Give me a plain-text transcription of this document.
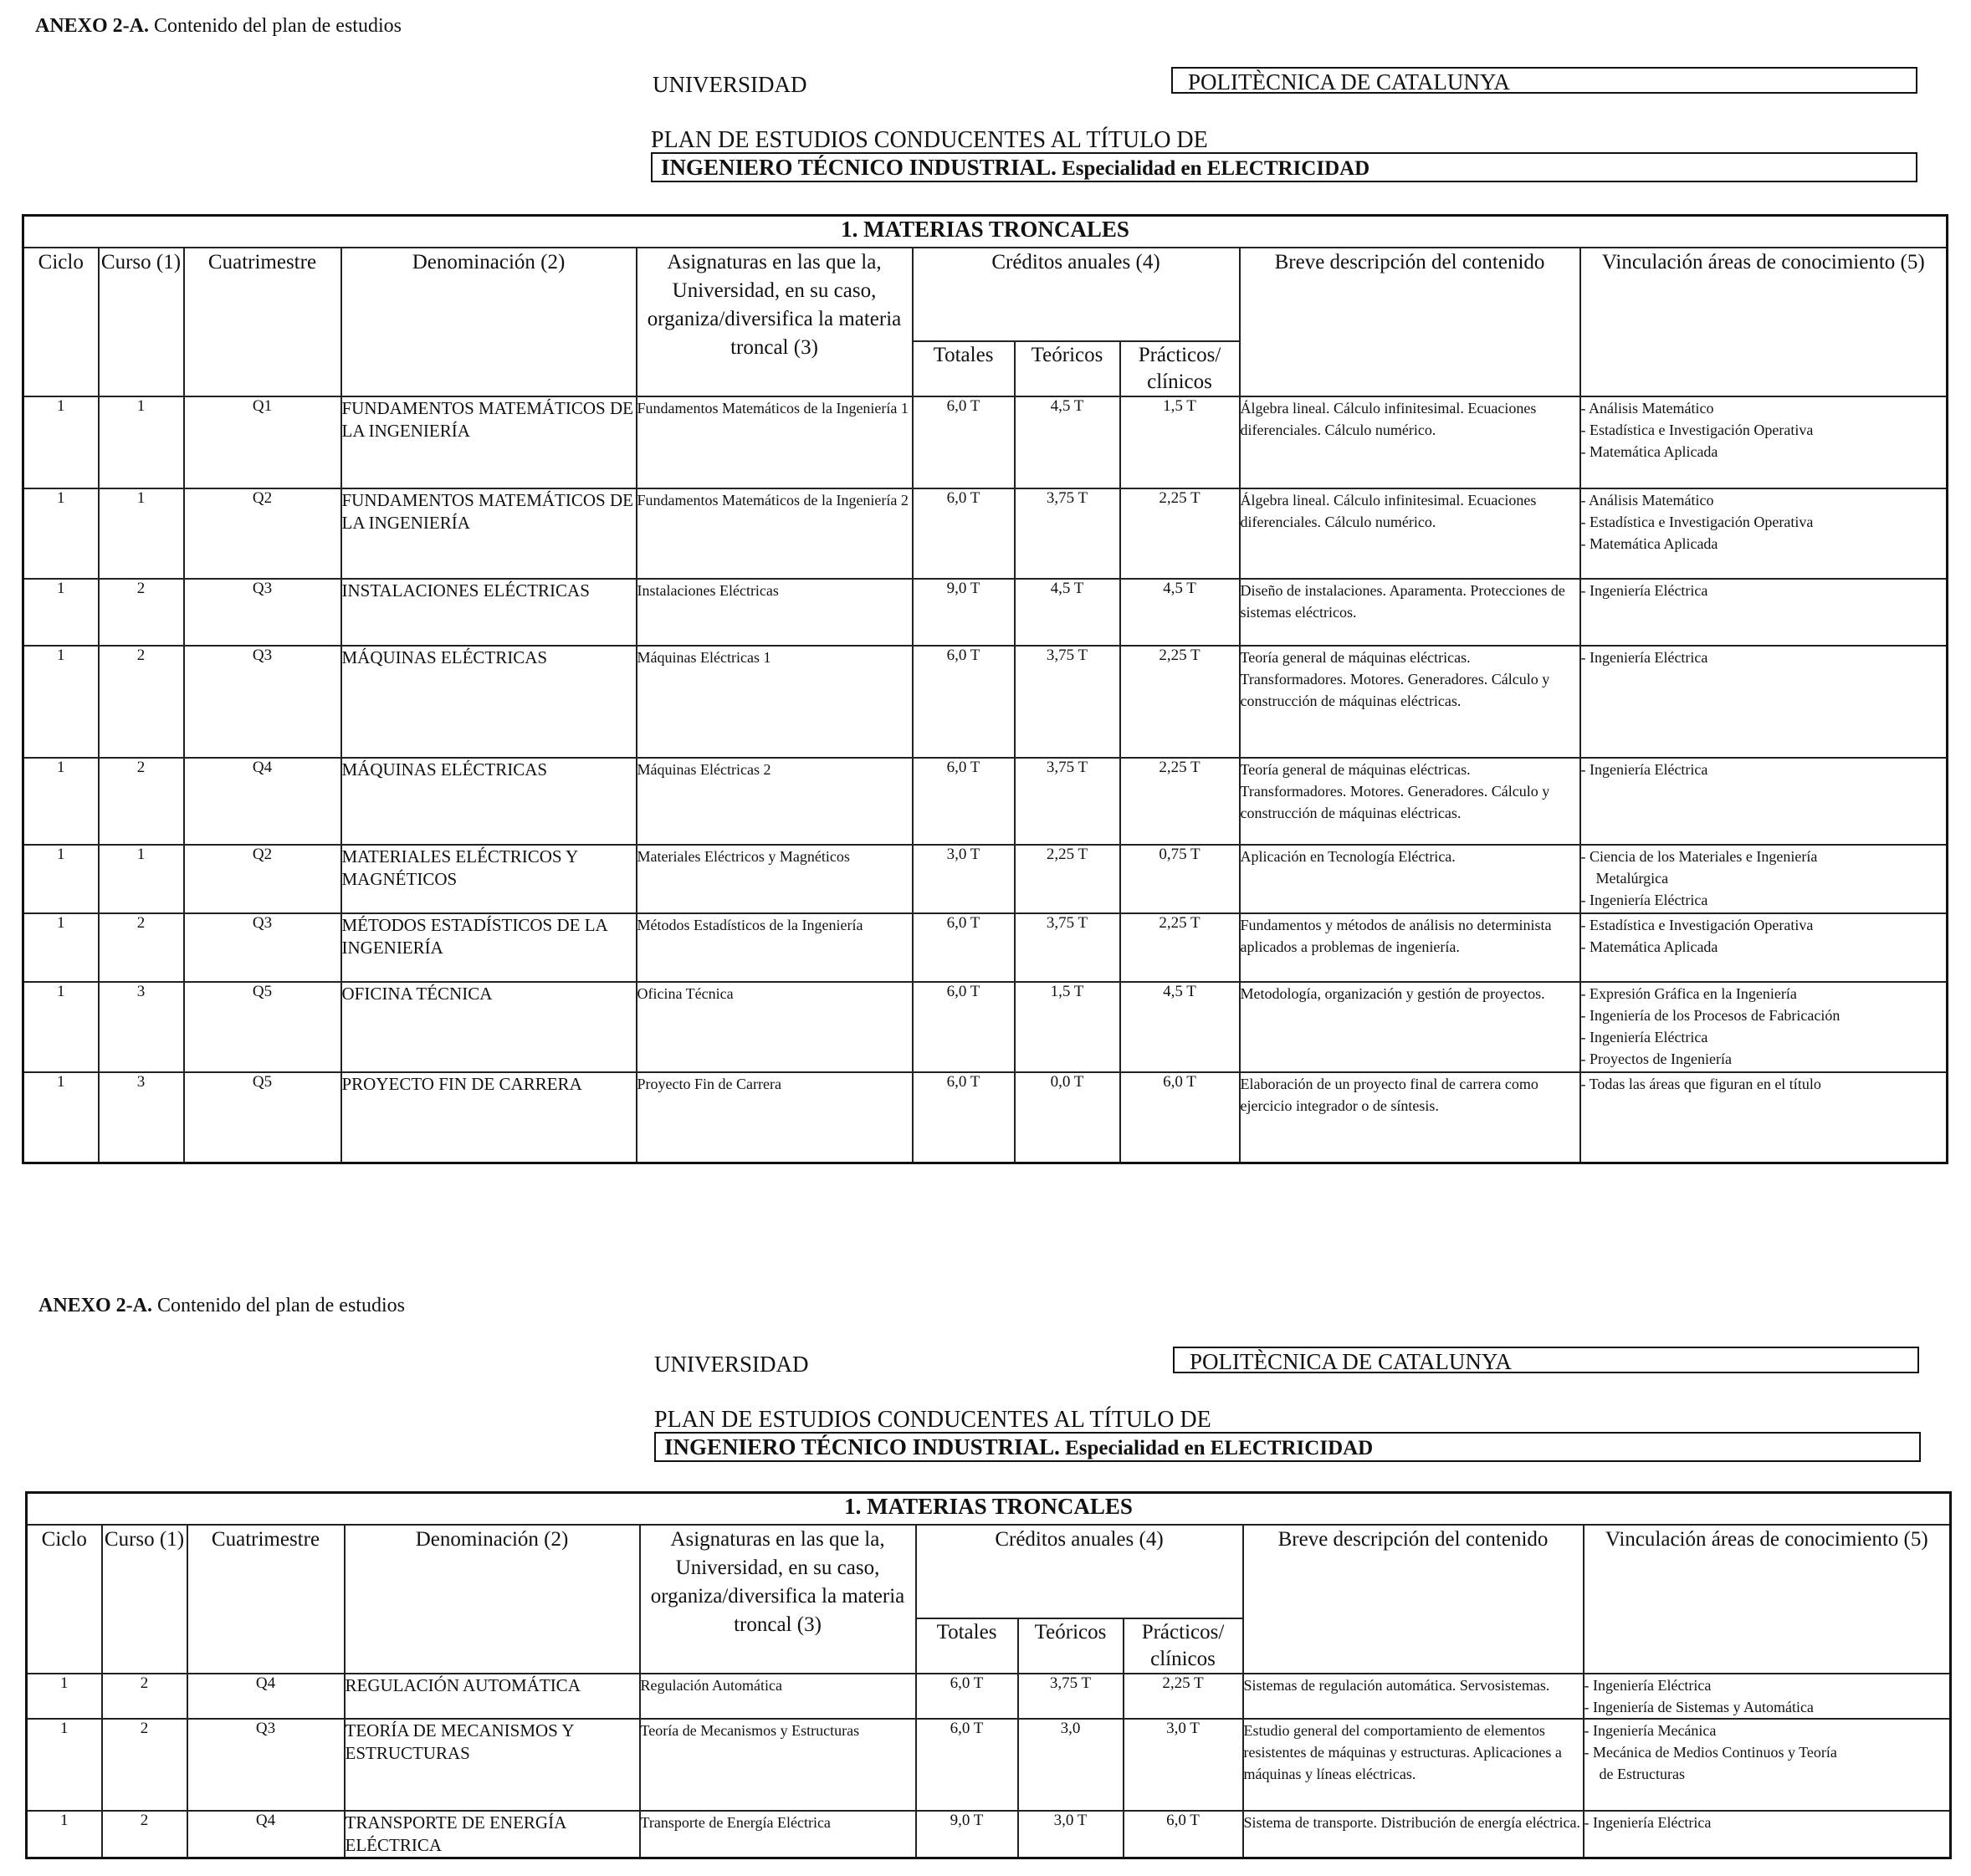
ANEXO 2-A. Contenido del plan de estudios
UNIVERSIDAD	POLITÈCNICA DE CATALUNYA
PLAN DE ESTUDIOS CONDUCENTES AL TÍTULO DE
INGENIERO TÉCNICO INDUSTRIAL. Especialidad en ELECTRICIDAD
1. MATERIAS TRONCALES									
Ciclo	Curso (1)	Cuatrimestre	Denominación (2)	Asignaturas en las que la, Universidad, en su caso, organiza/diversifica la materia troncal (3)	Créditos anuales (4)			Breve descripción del contenido	Vinculación áreas de conocimiento (5)
					Totales	Teóricos	Prácticos/ clínicos		
1	1	Q1	FUNDAMENTOS MATEMÁTICOS DE LA INGENIERÍA	Fundamentos Matemáticos de la Ingeniería 1	6,0 T	4,5 T	1,5 T	Álgebra lineal. Cálculo infinitesimal. Ecuaciones diferenciales. Cálculo numérico.	- Análisis Matemático
- Estadística e Investigación Operativa
- Matemática Aplicada

1	1	Q2	FUNDAMENTOS MATEMÁTICOS DE LA INGENIERÍA	Fundamentos Matemáticos de la Ingeniería 2	6,0 T	3,75 T	2,25 T	Álgebra lineal. Cálculo infinitesimal. Ecuaciones diferenciales. Cálculo numérico.	- Análisis Matemático
- Estadística e Investigación Operativa
- Matemática Aplicada

1	2	Q3	INSTALACIONES ELÉCTRICAS	Instalaciones Eléctricas	9,0 T	4,5 T	4,5 T	Diseño de instalaciones. Aparamenta. Protecciones de sistemas eléctricos.	- Ingeniería Eléctrica

1	2	Q3	MÁQUINAS ELÉCTRICAS	Máquinas Eléctricas 1	6,0 T	3,75 T	2,25 T	Teoría general de máquinas eléctricas. Transformadores. Motores. Generadores. Cálculo y construcción de máquinas eléctricas.	- Ingeniería Eléctrica

1	2	Q4	MÁQUINAS ELÉCTRICAS	Máquinas Eléctricas 2	6,0 T	3,75 T	2,25 T	Teoría general de máquinas eléctricas. Transformadores. Motores. Generadores. Cálculo y construcción de máquinas eléctricas.	- Ingeniería Eléctrica

1	1	Q2	MATERIALES ELÉCTRICOS Y MAGNÉTICOS	Materiales Eléctricos y Magnéticos	3,0 T	2,25 T	0,75 T	Aplicación en Tecnología Eléctrica.	- Ciencia de los Materiales e Ingeniería
Metalúrgica
- Ingeniería Eléctrica

1	2	Q3	MÉTODOS ESTADÍSTICOS DE LA INGENIERÍA	Métodos Estadísticos de la Ingeniería	6,0 T	3,75 T	2,25 T	Fundamentos y métodos de análisis no determinista aplicados a problemas de ingeniería.	- Estadística e Investigación Operativa
- Matemática Aplicada

1	3	Q5	OFICINA TÉCNICA	Oficina Técnica	6,0 T	1,5 T	4,5 T	Metodología, organización y gestión de proyectos.	- Expresión Gráfica en la Ingeniería
- Ingeniería de los Procesos de Fabricación
- Ingeniería Eléctrica
- Proyectos de Ingeniería

1	3	Q5	PROYECTO FIN DE CARRERA	Proyecto Fin de Carrera	6,0 T	0,0 T	6,0 T	Elaboración de un proyecto final de carrera como ejercicio integrador o de síntesis.	- Todas las áreas que figuran en el título
ANEXO 2-A. Contenido del plan de estudios
UNIVERSIDAD	POLITÈCNICA DE CATALUNYA
PLAN DE ESTUDIOS CONDUCENTES AL TÍTULO DE
INGENIERO TÉCNICO INDUSTRIAL. Especialidad en ELECTRICIDAD
1. MATERIAS TRONCALES									
Ciclo	Curso (1)	Cuatrimestre	Denominación (2)	Asignaturas en las que la, Universidad, en su caso, organiza/diversifica la materia troncal (3)	Créditos anuales (4)			Breve descripción del contenido	Vinculación áreas de conocimiento (5)
					Totales	Teóricos	Prácticos/ clínicos		
1	2	Q4	REGULACIÓN AUTOMÁTICA	Regulación Automática	6,0 T	3,75 T	2,25 T	Sistemas de regulación automática. Servosistemas.	- Ingeniería Eléctrica
- Ingeniería de Sistemas y Automática

1	2	Q3	TEORÍA DE MECANISMOS Y ESTRUCTURAS	Teoría de Mecanismos y Estructuras	6,0 T	3,0	3,0 T	Estudio general del comportamiento de elementos resistentes de máquinas y estructuras. Aplicaciones a máquinas y líneas eléctricas.	- Ingeniería Mecánica
- Mecánica de Medios Continuos y Teoría
de Estructuras

1	2	Q4	TRANSPORTE DE ENERGÍA ELÉCTRICA	Transporte de Energía Eléctrica	9,0 T	3,0 T	6,0 T	Sistema de transporte. Distribución de energía eléctrica.	- Ingeniería Eléctrica
